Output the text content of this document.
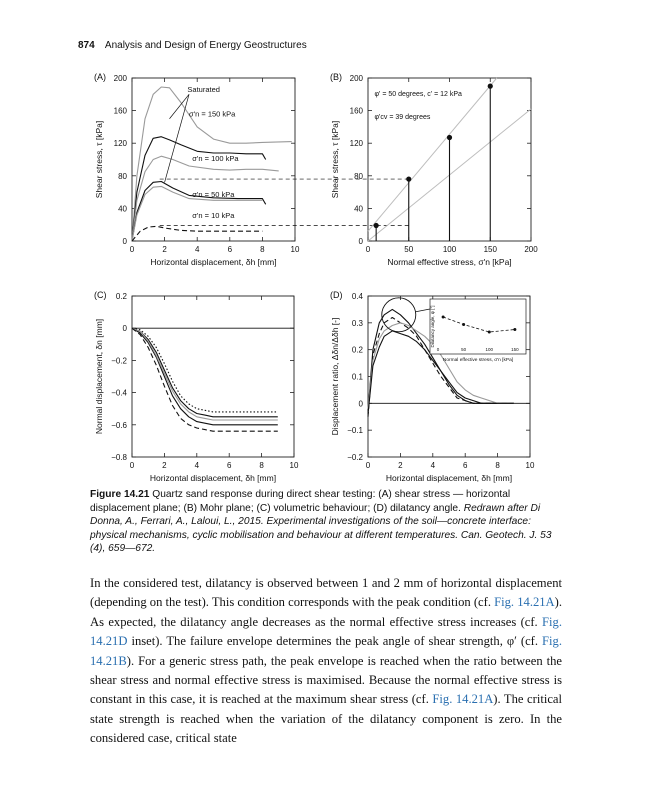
874 Analysis and Design of Energy Geostructures
(A)
0	2	4	6	8	10
0
40
80
120
160
200
Horizontal displacement, δh [mm]
Shear stress, τ [kPa]
Saturated
σ'n = 150 kPa
σ'n = 100 kPa
σ'n = 50 kPa
σ'n = 10 kPa
(B)
0	50	100	150	200
0
40
80
120
160
200
Normal effective stress, σ'n [kPa]
Shear stress, τ [kPa]
φ' = 50 degrees, c' = 12 kPa
φ'cv = 39 degrees
(C)
0	2	4	6	8	10
−0.8
−0.6
−0.4
−0.2
0
0.2
Horizontal displacement, δh [mm]
Normal displacement, δn [mm]
(D)
0	2	4	6	8	10
−0.2
−0.1
0
0.1
0.2
0.3
0.4
Horizontal displacement, δh [mm]
Displacement ratio, Δδn/Δδh [-]	0	50	100	150
Normal effective stress, σ'n [kPa]
Dilatancy angle, ψ [°]
Figure 14.21 Quartz sand response during direct shear testing: (A) shear stress — horizontal displacement plane; (B) Mohr plane; (C) volumetric behaviour; (D) dilatancy angle. Redrawn after Di Donna, A., Ferrari, A., Laloui, L., 2015. Experimental investigations of the soil—concrete interface: physical mechanisms, cyclic mobilisation and behaviour at different temperatures. Can. Geotech. J. 53 (4), 659—672.
In the considered test, dilatancy is observed between 1 and 2 mm of horizontal displacement (depending on the test). This condition corresponds with the peak condition (cf. Fig. 14.21A). As expected, the dilatancy angle decreases as the normal effective stress increases (cf. Fig. 14.21D inset). The failure envelope determines the peak angle of shear strength, φ′ (cf. Fig. 14.21B). For a generic stress path, the peak envelope is reached when the ratio between the shear stress and normal effective stress is maximised. Because the normal effective stress is constant in this case, it is reached at the maximum shear stress (cf. Fig. 14.21A). The critical state strength is reached when the variation of the dilatancy component is zero. In the considered case, critical state
